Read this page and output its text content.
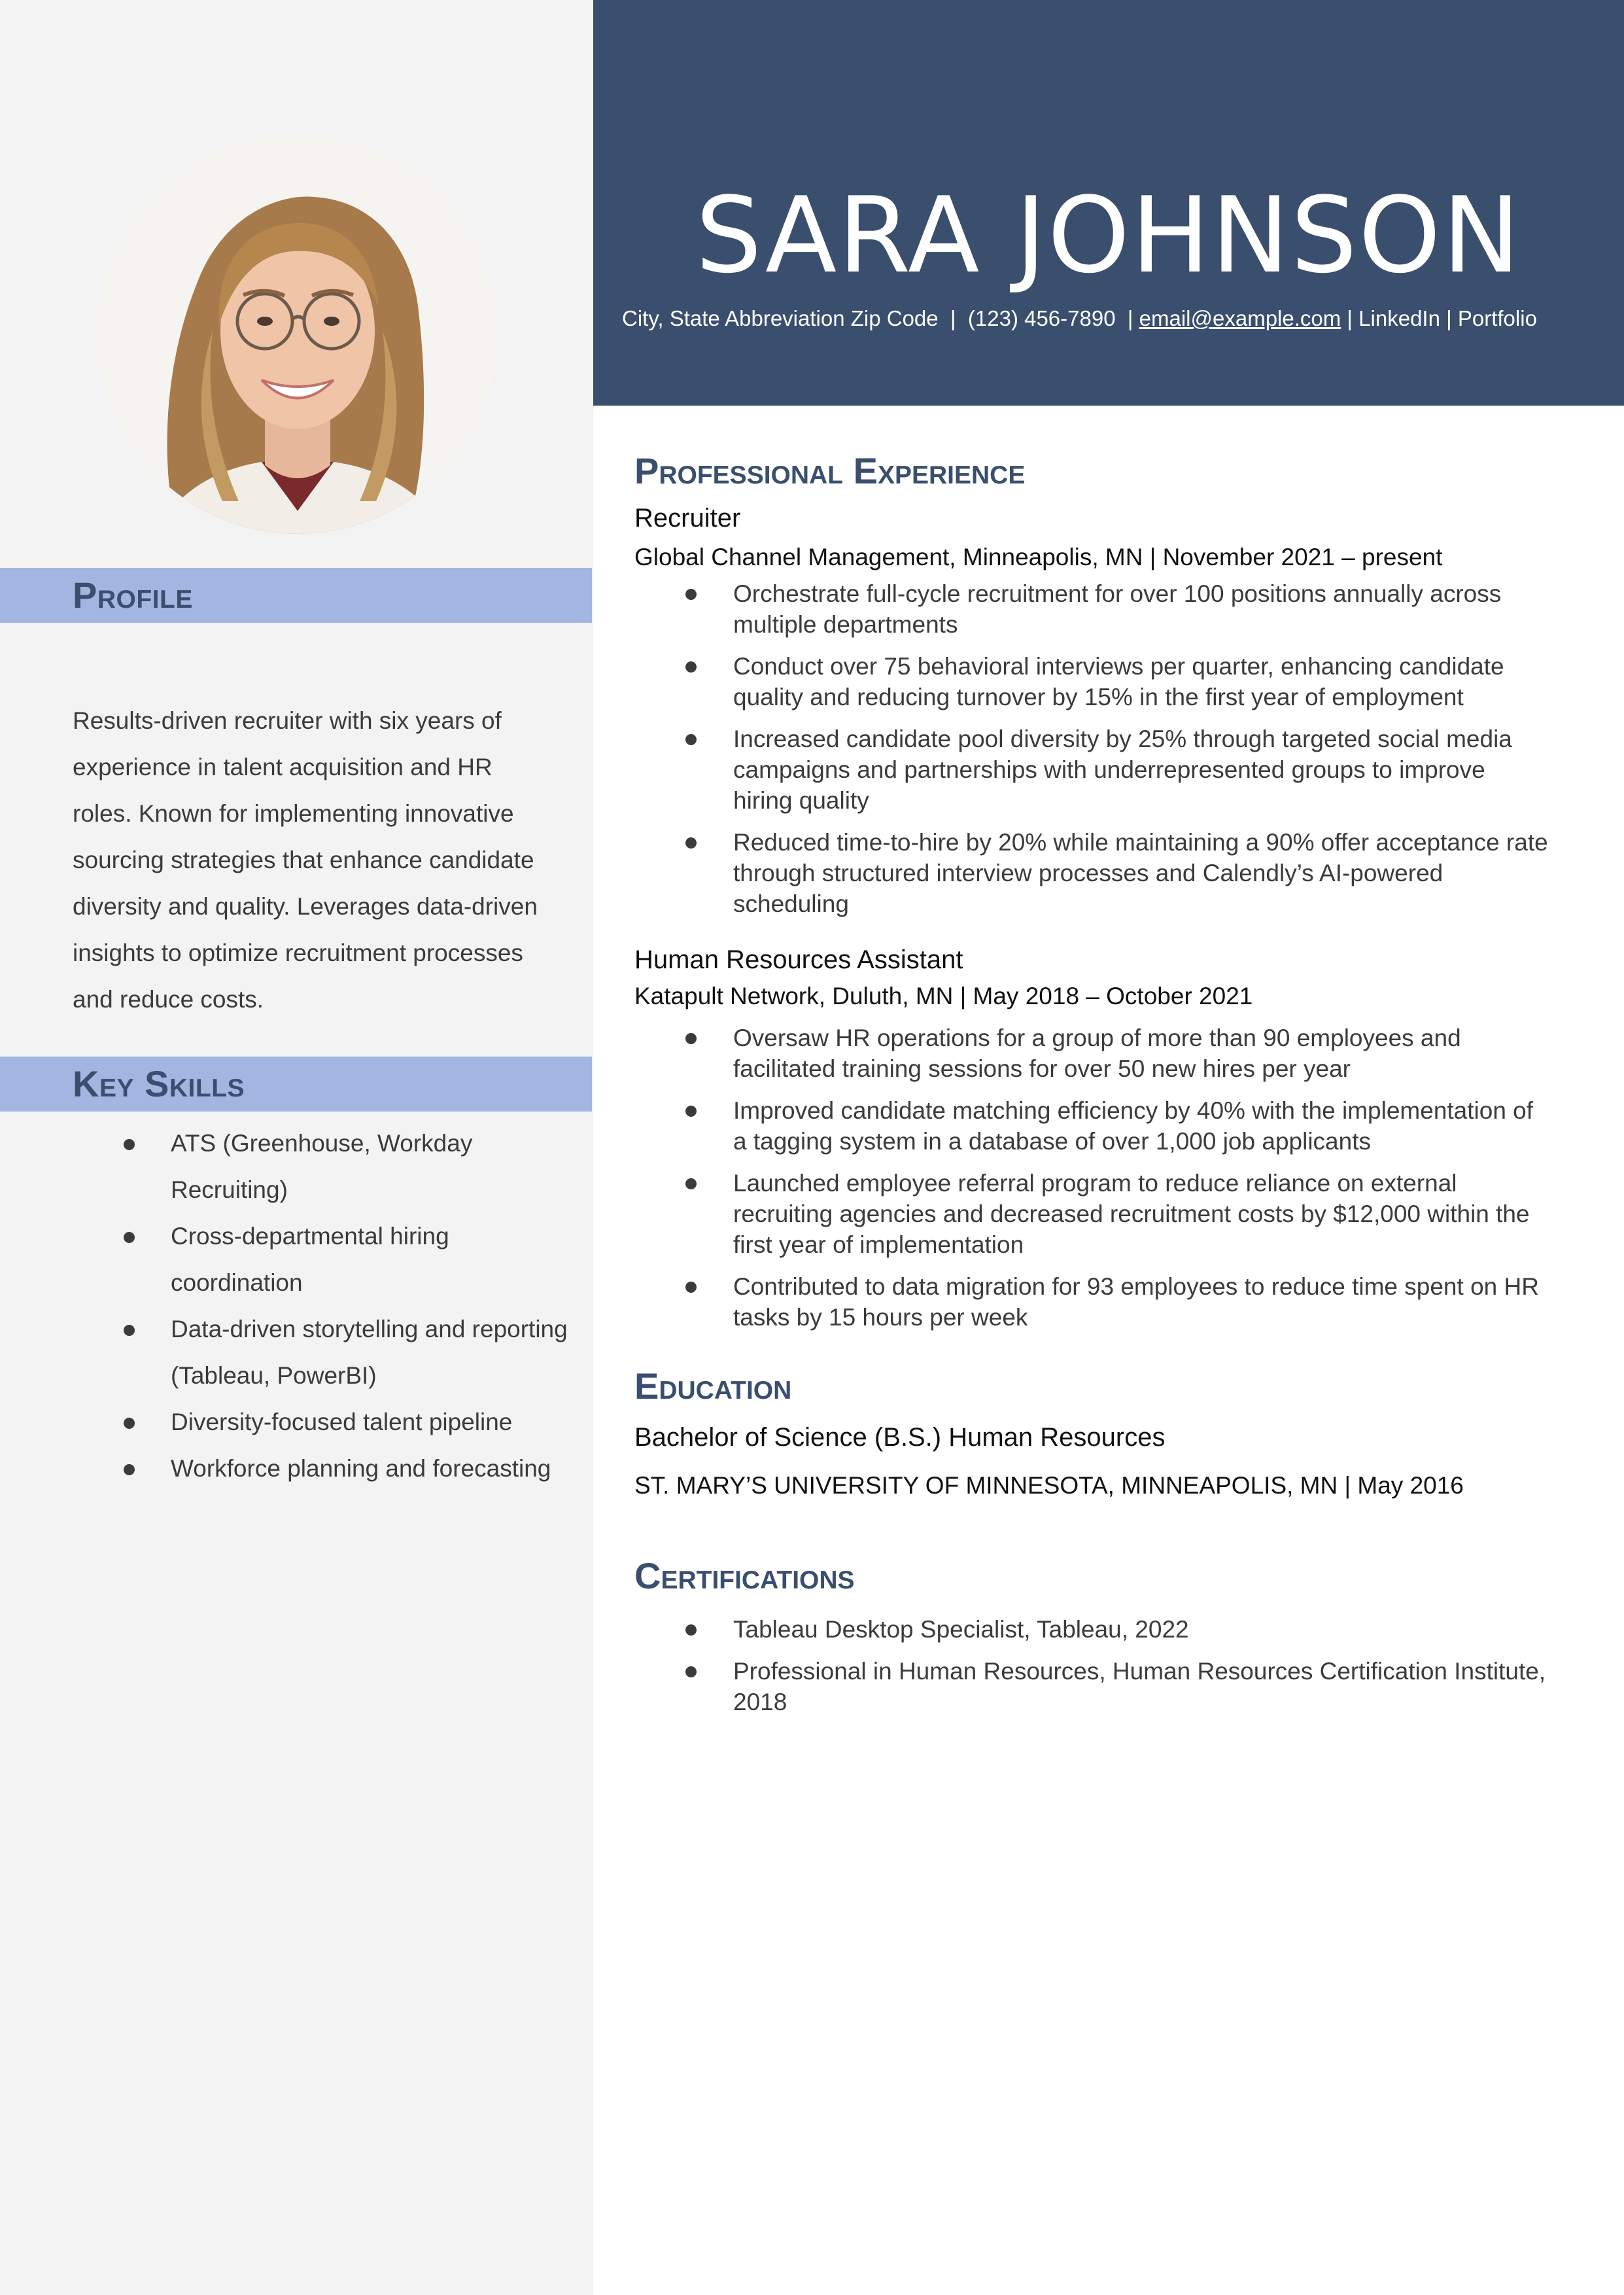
Profile

Results-driven recruiter with six years of experience in talent acquisition and HR roles. Known for implementing innovative sourcing strategies that enhance candidate diversity and quality. Leverages data-driven insights to optimize recruitment processes and reduce costs.

Key Skills
ATS (Greenhouse, Workday Recruiting)
Cross-departmental hiring coordination
Data-driven storytelling and reporting (Tableau, PowerBI)
Diversity-focused talent pipeline
Workforce planning and forecasting
SARA JOHNSON

City, State Abbreviation Zip Code  |  (123) 456-7890  | email@example.com | LinkedIn | Portfolio

Professional Experience

Recruiter

Global Channel Management, Minneapolis, MN | November 2021 – present

Orchestrate full-cycle recruitment for over 100 positions annually across multiple departments
Conduct over 75 behavioral interviews per quarter, enhancing candidate quality and reducing turnover by 15% in the first year of employment
Increased candidate pool diversity by 25% through targeted social media campaigns and partnerships with underrepresented groups to improve hiring quality
Reduced time-to-hire by 20% while maintaining a 90% offer acceptance rate through structured interview processes and Calendly’s AI-powered scheduling

Human Resources Assistant

Katapult Network, Duluth, MN | May 2018 – October 2021

Oversaw HR operations for a group of more than 90 employees and facilitated training sessions for over 50 new hires per year
Improved candidate matching efficiency by 40% with the implementation of a tagging system in a database of over 1,000 job applicants
Launched employee referral program to reduce reliance on external recruiting agencies and decreased recruitment costs by $12,000 within the first year of implementation
Contributed to data migration for 93 employees to reduce time spent on HR tasks by 15 hours per week
Education

Bachelor of Science (B.S.) Human Resources

ST. MARY’S UNIVERSITY OF MINNESOTA, MINNEAPOLIS, MN | May 2016

Certifications
Tableau Desktop Specialist, Tableau, 2022
Professional in Human Resources, Human Resources Certification Institute, 2018
